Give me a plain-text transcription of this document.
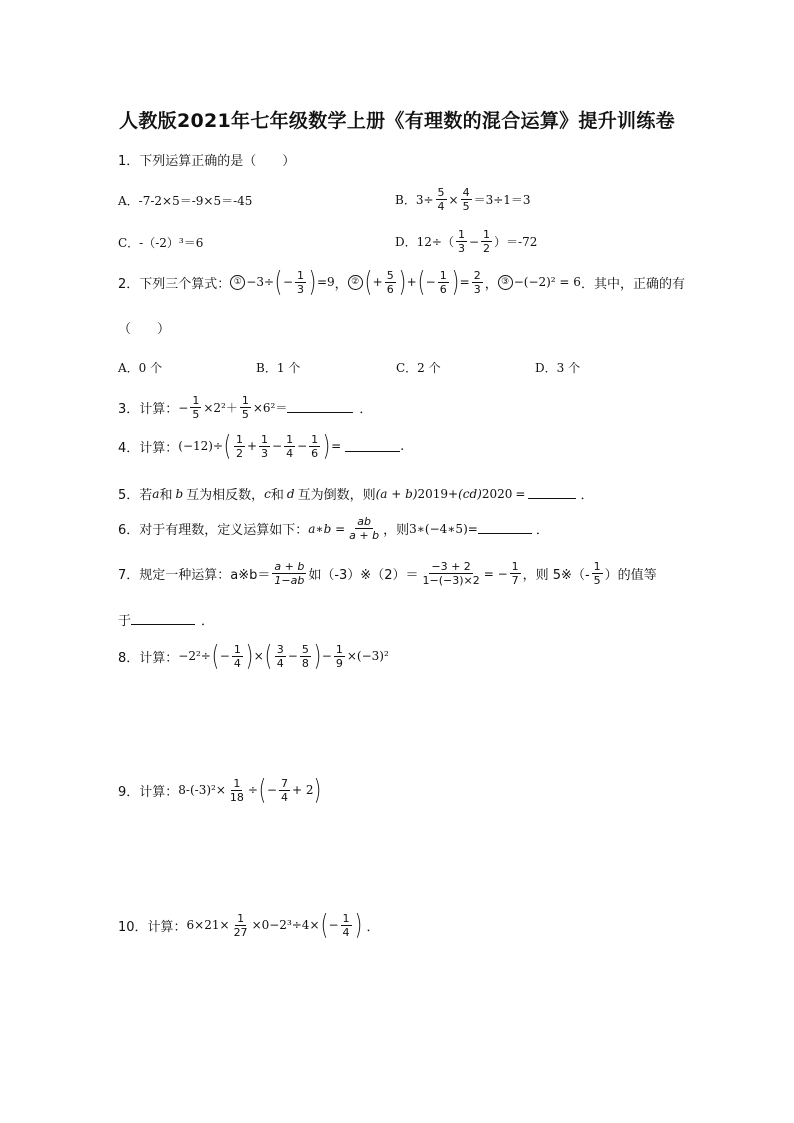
人教版2021年七年级数学上册《有理数的混合运算》提升训练卷
1．下列运算正确的是（　　）
A．-7-2×5＝-9×5＝-45	B．$3\div \frac{5}{4} \times \frac{4}{5} =3\div 1=3$
C．-（-2）³＝6	D．$12\div( \frac{1}{3} - \frac{1}{2} )=-72$
2．下列三个算式： ① −3÷ ( − $\frac{1}{3}$ ) =9 ， ② ( + $\frac{5}{6}$ ) + ( − $\frac{1}{6}$ ) = $\frac{2}{3}$ ， ③ −(−2)² = 6 ．其中，正确的有
（　　）
A．0 个	B．1 个	C．2 个	D．3 个
3．计算： − $\frac{1}{5} \times 2^2+ \frac{1}{5} \times 6^2=$	．
4．计算： (−12)÷ ( $\frac{1}{2} + \frac{1}{3} - \frac{1}{4} - \frac{1}{6}$ ) =	.
5．若 a 和 b 互为相反数， c 和 d 互为倒数，则 (a + b) 2019 +(cd) 2020 =	．
6．对于有理数，定义运算如下： a∗b = $\frac{ab}{a + b}$ ，则 3∗(−4∗5)=	．
7．规定一种运算：a※b＝ $\frac{a + b}{1-ab}$ 如（-3）※（2）＝ $\frac{-3 + 2}{1-(-3)\times 2}$ = − $\frac{1}{7}$ ，则 5※（- $\frac{1}{5}$ ）的值等
于	．
8．计算： −2²÷ ( − $\frac{1}{4}$ ) × ( $\frac{3}{4} - \frac{5}{8}$ ) − $\frac{1}{9} \times (-3)^2$
9．计算： $8-(-3)^2\times \frac{1}{18}$ ÷ ( − $\frac{7}{4} + 2$ )
10．计算： $6\times 21\times \frac{1}{27} \times 0-2^3\div 4\times$ ( − $\frac{1}{4}$ ) ．
